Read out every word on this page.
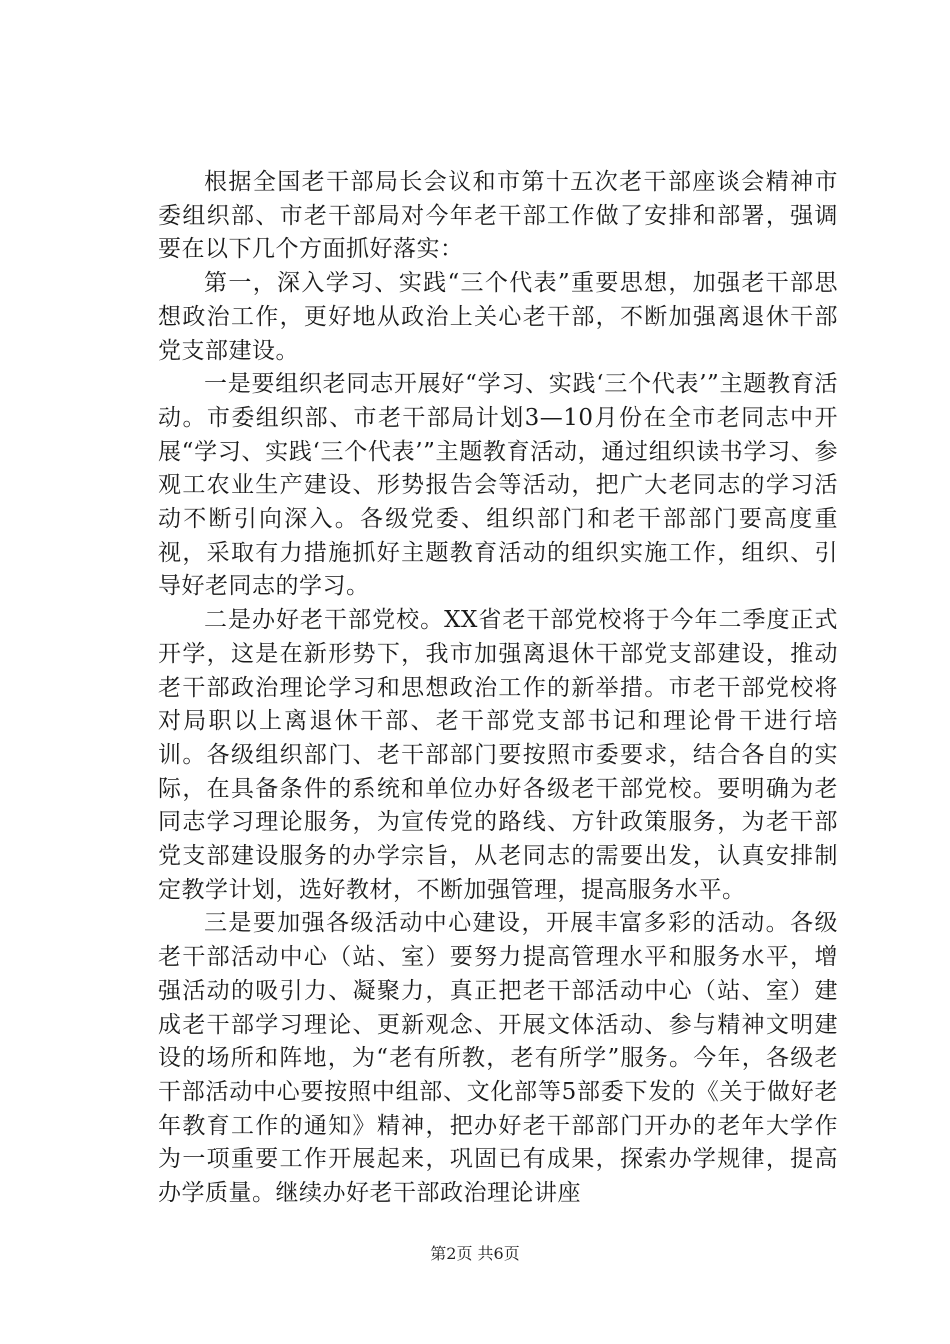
根据全国老干部局长会议和市第十五次老干部座谈会精神市委组织部、市老干部局对今年老干部工作做了安排和部署，强调要在以下几个方面抓好落实：

第一，深入学习、实践“三个代表”重要思想，加强老干部思想政治工作，更好地从政治上关心老干部，不断加强离退休干部党支部建设。

一是要组织老同志开展好“学习、实践‘三个代表’”主题教育活动。市委组织部、市老干部局计划3—10月份在全市老同志中开展“学习、实践‘三个代表’”主题教育活动，通过组织读书学习、参观工农业生产建设、形势报告会等活动，把广大老同志的学习活动不断引向深入。各级党委、组织部门和老干部部门要高度重视，采取有力措施抓好主题教育活动的组织实施工作，组织、引导好老同志的学习。

二是办好老干部党校。XX省老干部党校将于今年二季度正式开学，这是在新形势下，我市加强离退休干部党支部建设，推动老干部政治理论学习和思想政治工作的新举措。市老干部党校将对局职以上离退休干部、老干部党支部书记和理论骨干进行培训。各级组织部门、老干部部门要按照市委要求，结合各自的实际，在具备条件的系统和单位办好各级老干部党校。要明确为老同志学习理论服务，为宣传党的路线、方针政策服务，为老干部党支部建设服务的办学宗旨，从老同志的需要出发，认真安排制定教学计划，选好教材，不断加强管理，提高服务水平。

三是要加强各级活动中心建设，开展丰富多彩的活动。各级老干部活动中心（站、室）要努力提高管理水平和服务水平，增强活动的吸引力、凝聚力，真正把老干部活动中心（站、室）建成老干部学习理论、更新观念、开展文体活动、参与精神文明建设的场所和阵地，为“老有所教，老有所学”服务。今年，各级老干部活动中心要按照中组部、文化部等5部委下发的《关于做好老年教育工作的通知》精神，把办好老干部部门开办的老年大学作为一项重要工作开展起来，巩固已有成果，探索办学规律，提高办学质量。继续办好老干部政治理论讲座

第2页 共6页
